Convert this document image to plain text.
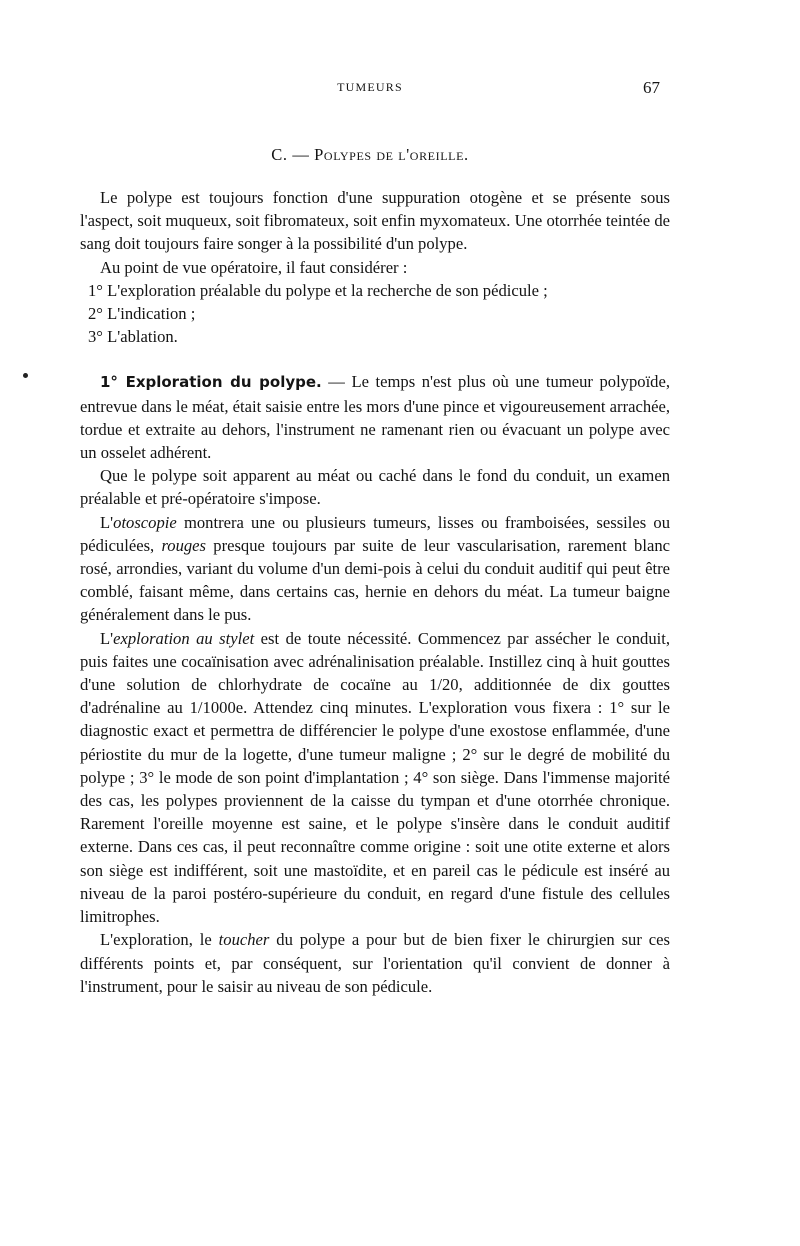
TUMEURS	67
C. — Polypes de l'oreille.

Le polype est toujours fonction d'une suppuration otogène et se présente sous l'aspect, soit muqueux, soit fibromateux, soit enfin myxomateux. Une otorrhée teintée de sang doit toujours faire songer à la possibilité d'un polype.

Au point de vue opératoire, il faut considérer :

1° L'exploration préalable du polype et la recherche de son pédicule ;
2° L'indication ;
3° L'ablation.

1° Exploration du polype. — Le temps n'est plus où une tumeur polypoïde, entrevue dans le méat, était saisie entre les mors d'une pince et vigoureusement arrachée, tordue et extraite au dehors, l'instrument ne ramenant rien ou évacuant un polype avec un osselet adhérent.

Que le polype soit apparent au méat ou caché dans le fond du conduit, un examen préalable et pré-opératoire s'impose.

L'otoscopie montrera une ou plusieurs tumeurs, lisses ou framboisées, sessiles ou pédiculées, rouges presque toujours par suite de leur vascularisation, rarement blanc rosé, arrondies, variant du volume d'un demi-pois à celui du conduit auditif qui peut être comblé, faisant même, dans certains cas, hernie en dehors du méat. La tumeur baigne généralement dans le pus.

L'exploration au stylet est de toute nécessité. Commencez par assécher le conduit, puis faites une cocaïnisation avec adrénalinisation préalable. Instillez cinq à huit gouttes d'une solution de chlorhydrate de cocaïne au 1/20, additionnée de dix gouttes d'adrénaline au 1/1000e. Attendez cinq minutes. L'exploration vous fixera : 1° sur le diagnostic exact et permettra de différencier le polype d'une exostose enflammée, d'une périostite du mur de la logette, d'une tumeur maligne ; 2° sur le degré de mobilité du polype ; 3° le mode de son point d'implantation ; 4° son siège. Dans l'immense majorité des cas, les polypes proviennent de la caisse du tympan et d'une otorrhée chronique. Rarement l'oreille moyenne est saine, et le polype s'insère dans le conduit auditif externe. Dans ces cas, il peut reconnaître comme origine : soit une otite externe et alors son siège est indifférent, soit une mastoïdite, et en pareil cas le pédicule est inséré au niveau de la paroi postéro-supérieure du conduit, en regard d'une fistule des cellules limitrophes.

L'exploration, le toucher du polype a pour but de bien fixer le chirurgien sur ces différents points et, par conséquent, sur l'orientation qu'il convient de donner à l'instrument, pour le saisir au niveau de son pédicule.
